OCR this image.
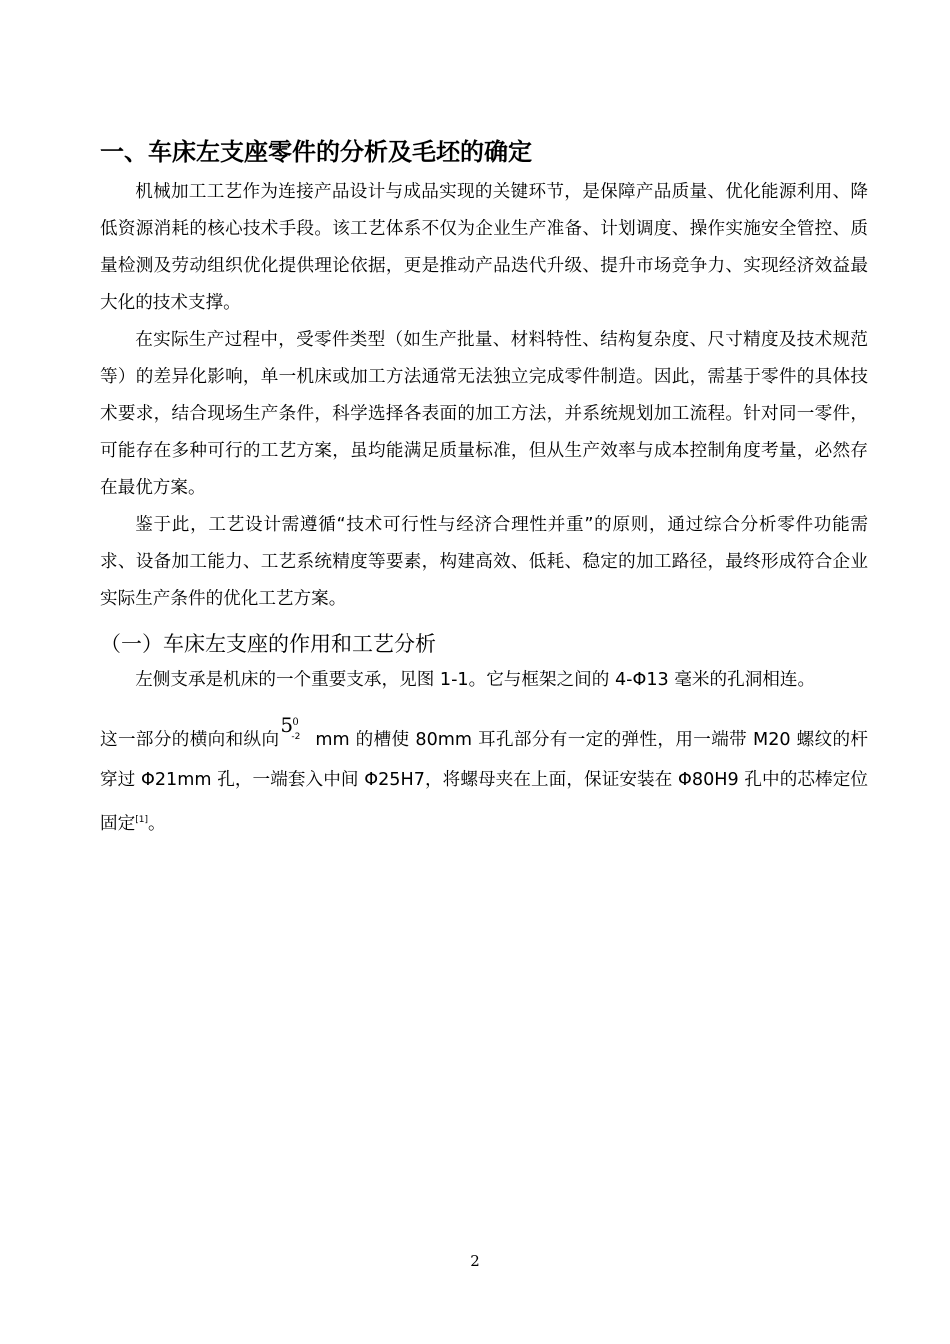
一、车床左支座零件的分析及毛坯的确定

机械加工工艺作为连接产品设计与成品实现的关键环节，是保障产品质量、优化能源利用、降低资源消耗的核心技术手段。该工艺体系不仅为企业生产准备、计划调度、操作实施安全管控、质量检测及劳动组织优化提供理论依据，更是推动产品迭代升级、提升市场竞争力、实现经济效益最大化的技术支撑。

在实际生产过程中，受零件类型（如生产批量、材料特性、结构复杂度、尺寸精度及技术规范等）的差异化影响，单一机床或加工方法通常无法独立完成零件制造。因此，需基于零件的具体技术要求，结合现场生产条件，科学选择各表面的加工方法，并系统规划加工流程。针对同一零件，可能存在多种可行的工艺方案，虽均能满足质量标准，但从生产效率与成本控制角度考量，必然存在最优方案。

鉴于此，工艺设计需遵循“技术可行性与经济合理性并重”的原则，通过综合分析零件功能需求、设备加工能力、工艺系统精度等要素，构建高效、低耗、稳定的加工路径，最终形成符合企业实际生产条件的优化工艺方案。

（一）车床左支座的作用和工艺分析
左侧支承是机床的一个重要支承，见图 1-1。它与框架之间的 4-Φ13 毫米的孔洞相连。
这一部分的横向和纵向
5 0
-2 mm 的槽使 80mm 耳孔部分有一定的弹性，用一端带 M20 螺纹的杆穿过 Φ21mm 孔，一端套入中间 Φ25H7，将螺母夹在上面，保证安装在 Φ80H9 孔中的芯棒定位固定[1]。
2
